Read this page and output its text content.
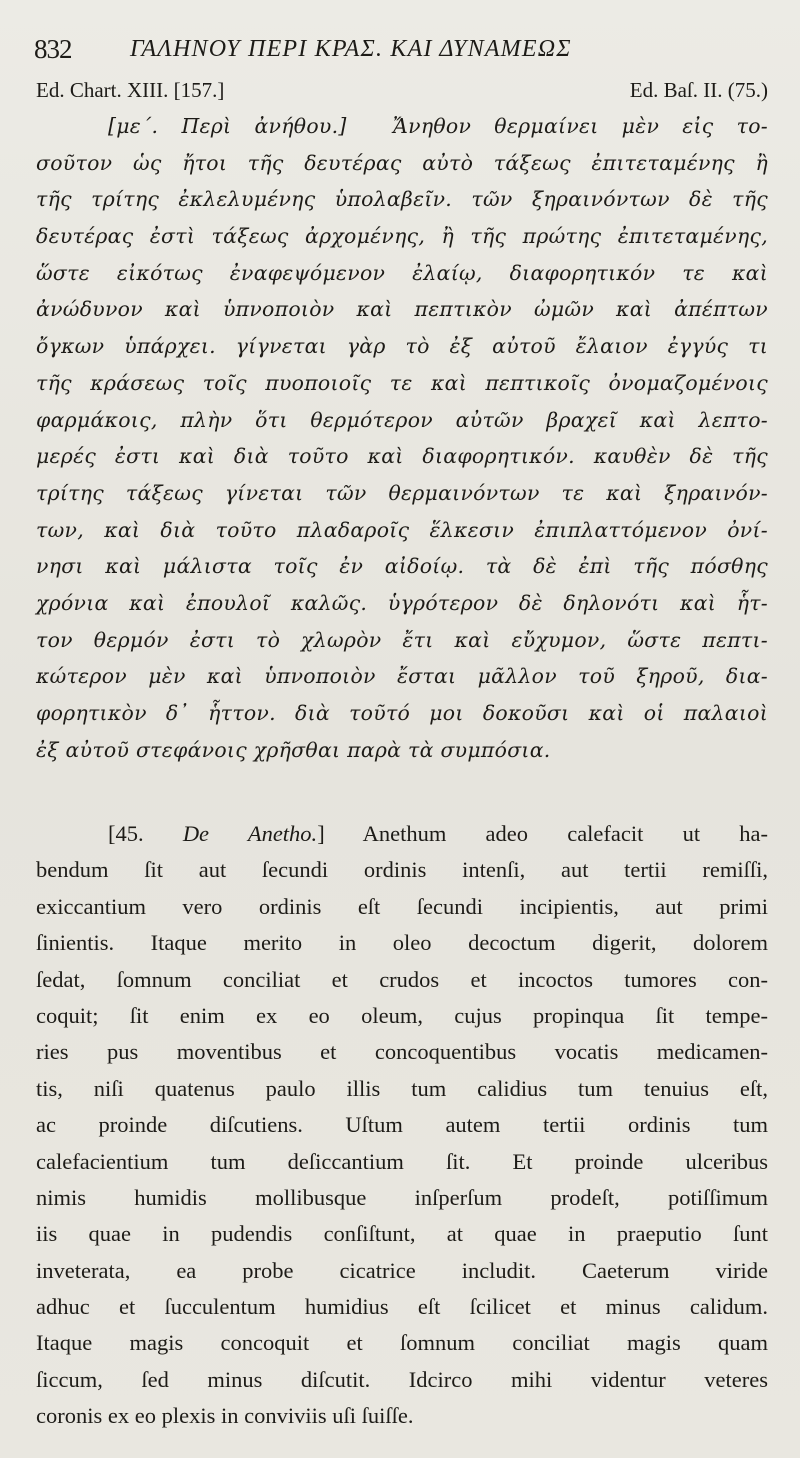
832 ΓΑΛΗΝΟΥ ΠΕΡΙ ΚΡΑΣ. ΚΑΙ ΔΥΝΑΜΕΩΣ
Ed. Chart. XIII. [157.]	Ed. Baſ. II. (75.)
[με΄. Περὶ ἀνήθου.] Ἄνηθον θερμαίνει μὲν εἰς το-
σοῦτον ὡς ἤτοι τῆς δευτέρας αὐτὸ τάξεως ἐπιτεταμένης ἢ
τῆς τρίτης ἐκλελυμένης ὑπολαβεῖν. τῶν ξηραινόντων δὲ τῆς
δευτέρας ἐστὶ τάξεως ἀρχομένης, ἢ τῆς πρώτης ἐπιτεταμένης,
ὥστε εἰκότως ἐναφεψόμενον ἐλαίῳ, διαφορητικόν τε καὶ
ἀνώδυνον καὶ ὑπνοποιὸν καὶ πεπτικὸν ὠμῶν καὶ ἀπέπτων
ὄγκων ὑπάρχει. γίγνεται γὰρ τὸ ἐξ αὐτοῦ ἔλαιον ἐγγύς τι
τῆς κράσεως τοῖς πυοποιοῖς τε καὶ πεπτικοῖς ὀνομαζομένοις
φαρμάκοις, πλὴν ὅτι θερμότερον αὐτῶν βραχεῖ καὶ λεπτο-
μερές ἐστι καὶ διὰ τοῦτο καὶ διαφορητικόν. καυθὲν δὲ τῆς
τρίτης τάξεως γίνεται τῶν θερμαινόντων τε καὶ ξηραινόν-
των, καὶ διὰ τοῦτο πλαδαροῖς ἕλκεσιν ἐπιπλαττόμενον ὀνί-
νησι καὶ μάλιστα τοῖς ἐν αἰδοίῳ. τὰ δὲ ἐπὶ τῆς πόσθης
χρόνια καὶ ἐπουλοῖ καλῶς. ὑγρότερον δὲ δηλονότι καὶ ἧτ-
τον θερμόν ἐστι τὸ χλωρὸν ἔτι καὶ εὔχυμον, ὥστε πεπτι-
κώτερον μὲν καὶ ὑπνοποιὸν ἔσται μᾶλλον τοῦ ξηροῦ, δια-
φορητικὸν δ᾽ ἧττον. διὰ τοῦτό μοι δοκοῦσι καὶ οἱ παλαιοὶ
ἐξ αὐτοῦ στεφάνοις χρῆσθαι παρὰ τὰ συμπόσια.
[45. De Anetho.] Anethum adeo calefacit ut ha-
bendum ſit aut ſecundi ordinis intenſi, aut tertii remiſſi,
exiccantium vero ordinis eſt ſecundi incipientis, aut primi
ſinientis. Itaque merito in oleo decoctum digerit, dolorem
ſedat, ſomnum conciliat et crudos et incoctos tumores con-
coquit; ſit enim ex eo oleum, cujus propinqua ſit tempe-
ries pus moventibus et concoquentibus vocatis medicamen-
tis, niſi quatenus paulo illis tum calidius tum tenuius eſt,
ac proinde diſcutiens. Uſtum autem tertii ordinis tum
calefacientium tum deſiccantium ſit. Et proinde ulceribus
nimis humidis mollibusque inſperſum prodeſt, potiſſimum
iis quae in pudendis conſiſtunt, at quae in praeputio ſunt
inveterata, ea probe cicatrice includit. Caeterum viride
adhuc et ſucculentum humidius eſt ſcilicet et minus calidum.
Itaque magis concoquit et ſomnum conciliat magis quam
ſiccum, ſed minus diſcutit. Idcirco mihi videntur veteres
coronis ex eo plexis in conviviis uſi ſuiſſe.
